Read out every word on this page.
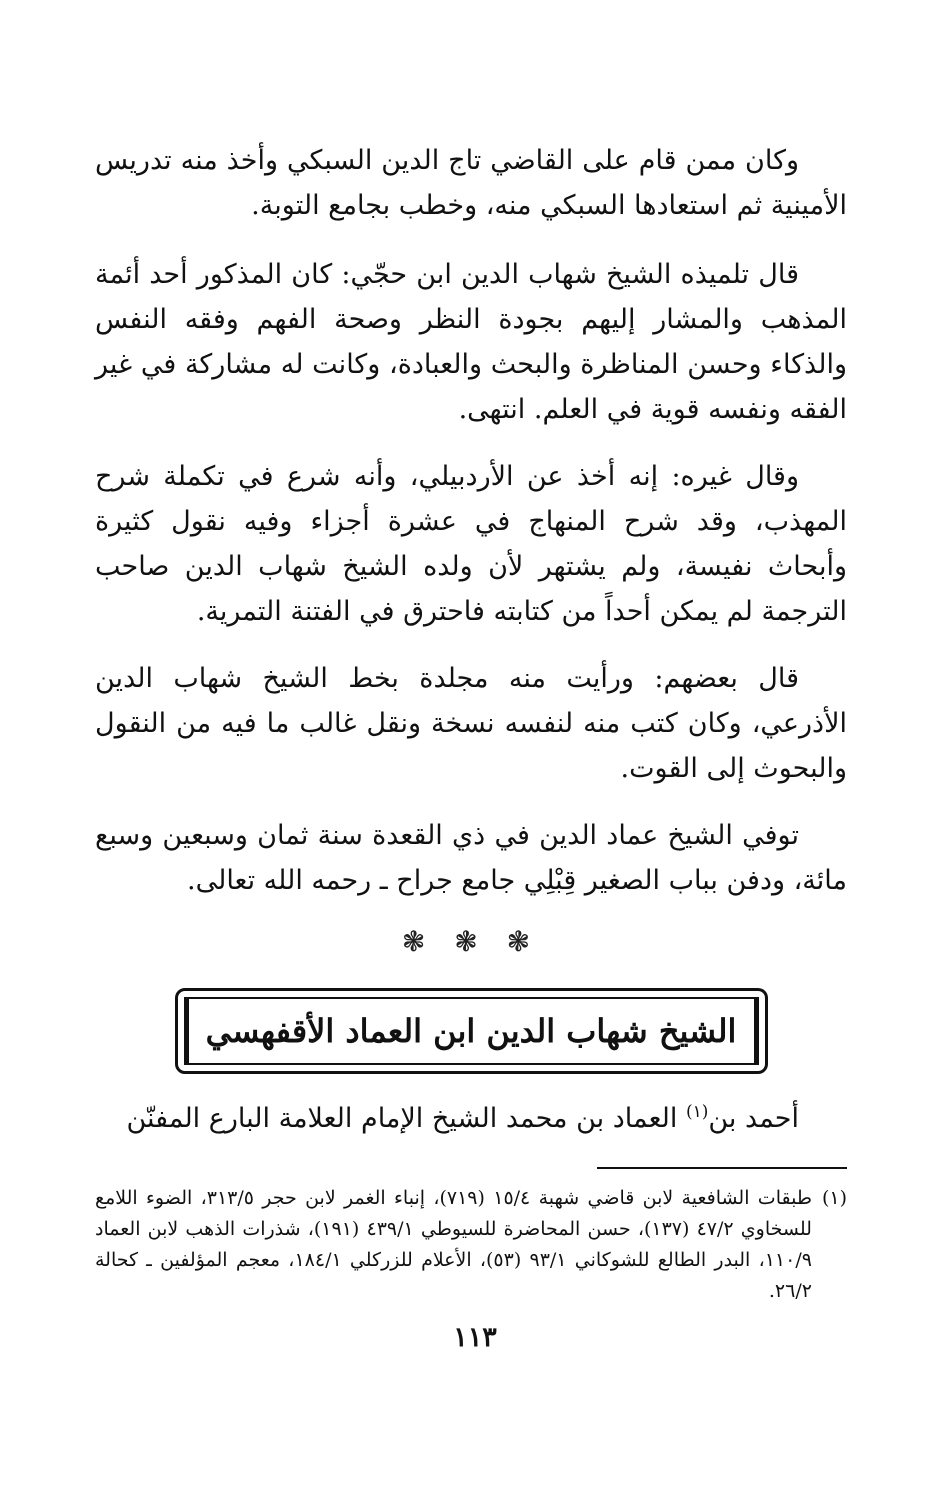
وكان ممن قام على القاضي تاج الدين السبكي وأخذ منه تدريس الأمينية ثم استعادها السبكي منه، وخطب بجامع التوبة.

قال تلميذه الشيخ شهاب الدين ابن حجّي: كان المذكور أحد أئمة المذهب والمشار إليهم بجودة النظر وصحة الفهم وفقه النفس والذكاء وحسن المناظرة والبحث والعبادة، وكانت له مشاركة في غير الفقه ونفسه قوية في العلم. انتهى.

وقال غيره: إنه أخذ عن الأردبيلي، وأنه شرع في تكملة شرح المهذب، وقد شرح المنهاج في عشرة أجزاء وفيه نقول كثيرة وأبحاث نفيسة، ولم يشتهر لأن ولده الشيخ شهاب الدين صاحب الترجمة لم يمكن أحداً من كتابته فاحترق في الفتنة التمرية.

قال بعضهم: ورأيت منه مجلدة بخط الشيخ شهاب الدين الأذرعي، وكان كتب منه لنفسه نسخة ونقل غالب ما فيه من النقول والبحوث إلى القوت.

توفي الشيخ عماد الدين في ذي القعدة سنة ثمان وسبعين وسبع مائة، ودفن بباب الصغير قِبْلِي جامع جراح ـ رحمه الله تعالى.

❃ ❃ ❃
الشيخ شهاب الدين ابن العماد الأقفهسي

أحمد بن$^{(١)}$ العماد بن محمد الشيخ الإمام العلامة البارع المفنّن

(١)
طبقات الشافعية لابن قاضي شهبة ١٥/٤ (٧١٩)، إنباء الغمر لابن حجر ٣١٣/٥، الضوء اللامع للسخاوي ٤٧/٢ (١٣٧)، حسن المحاضرة للسيوطي ٤٣٩/١ (١٩١)، شذرات الذهب لابن العماد ١١٠/٩، البدر الطالع للشوكاني ٩٣/١ (٥٣)، الأعلام للزركلي ١٨٤/١، معجم المؤلفين ـ كحالة ٢٦/٢.

١١٣
